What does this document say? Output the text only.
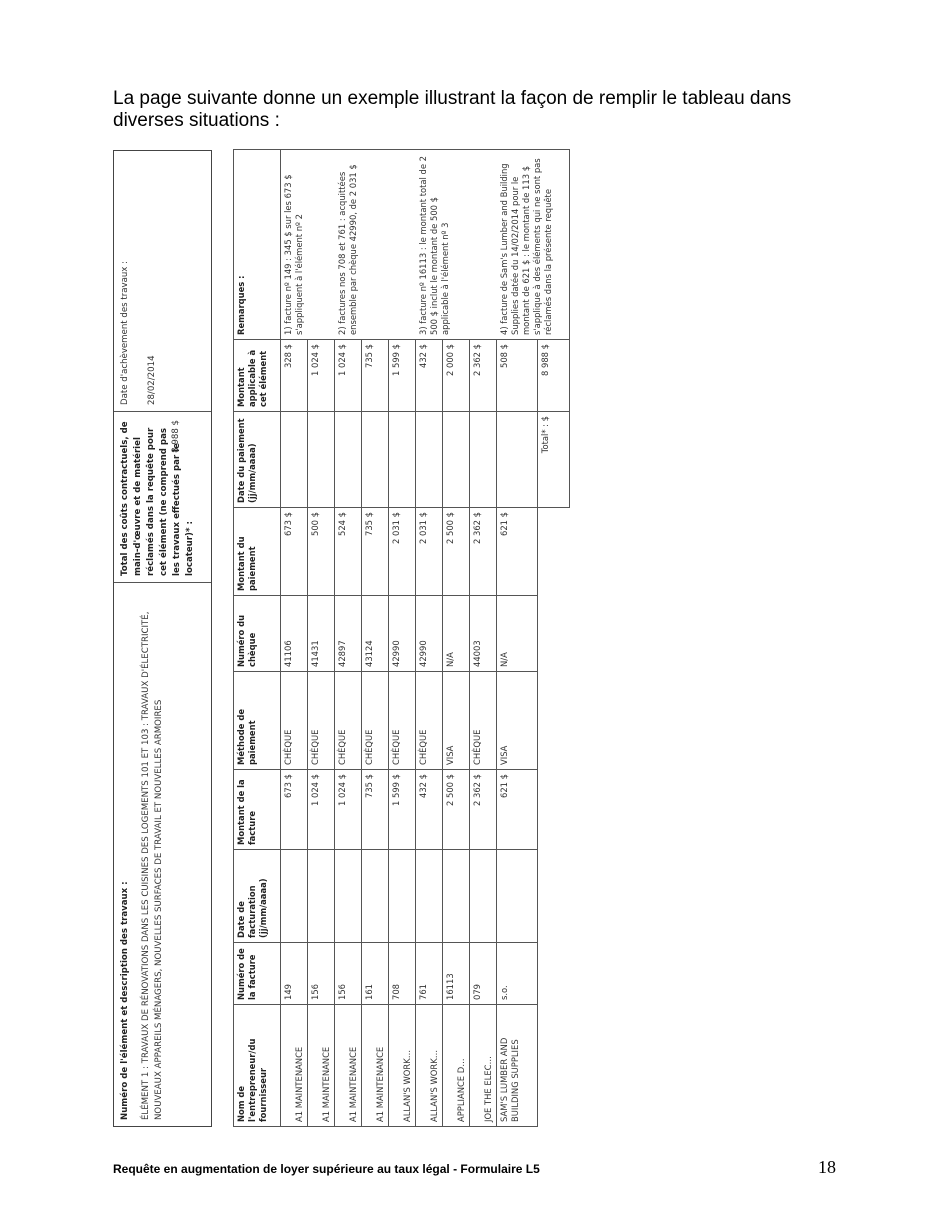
La page suivante donne un exemple illustrant la façon de remplir le tableau dans diverses situations :
Numéro de l'élément et description des travaux : ÉLÉMENT 1 : TRAVAUX DE RÉNOVATIONS DANS LES CUISINES DES LOGEMENTS 101 ET 103 : TRAVAUX D'ÉLECTRICITÉ, NOUVEAUX APPAREILS MÉNAGERS, NOUVELLES SURFACES DE TRAVAIL ET NOUVELLES ARMOIRES
Total des coûts contractuels, de main-d'œuvre et de matériel réclamés dans la requête pour cet élément (ne comprend pas les travaux effectués par le locateur)* :
8 988 $
Date d'achèvement des travaux : 28/02/2014
Nom de l'entrepreneur/du fournisseur	Numéro de la facture	Date de facturation (jj/mm/aaaa)	Montant de la facture	Méthode de paiement	Numéro du chèque	Montant du paiement	Date du paiement (jj/mm/aaaa)	Montant applicable à cet élément	Remarques :
A1 MAINTENANCE	149		673 $	CHÈQUE	41106	673 $		328 $	1) facture nº 149 : 345 $ sur les 673 $ s'appliquent à l'élément nº 2
A1 MAINTENANCE	156		1 024 $	CHÈQUE	41431	500 $		1 024 $	
A1 MAINTENANCE	156		1 024 $	CHÈQUE	42897	524 $		1 024 $	2) factures nos 708 et 761 : acquittées ensemble par chèque 42990, de 2 031 $
A1 MAINTENANCE	161		735 $	CHÈQUE	43124	735 $		735 $	
ALLAN'S WORK…	708		1 599 $	CHÈQUE	42990	2 031 $		1 599 $	
ALLAN'S WORK…	761		432 $	CHÈQUE	42990	2 031 $		432 $	3) facture nº 16113 : le montant total de 2 500 $ inclut le montant de 500 $ applicable à l'élément nº 3
APPLIANCE D…	16113		2 500 $	VISA	N/A	2 500 $		2 000 $	
JOE THE ELEC…	079		2 362 $	CHÈQUE	44003	2 362 $		2 362 $	
SAM'S LUMBER AND BUILDING SUPPLIES	s.o.		621 $	VISA	N/A	621 $		508 $	4) facture de Sam's Lumber and Building Supplies datée du 14/02/2014 pour le montant de 621 $ : le montant de 113 $ s'applique à des éléments qui ne sont pas réclamés dans la présente requête
							Total* : $	8 988 $	
Requête en augmentation de loyer supérieure au taux légal - Formulaire L5	18
